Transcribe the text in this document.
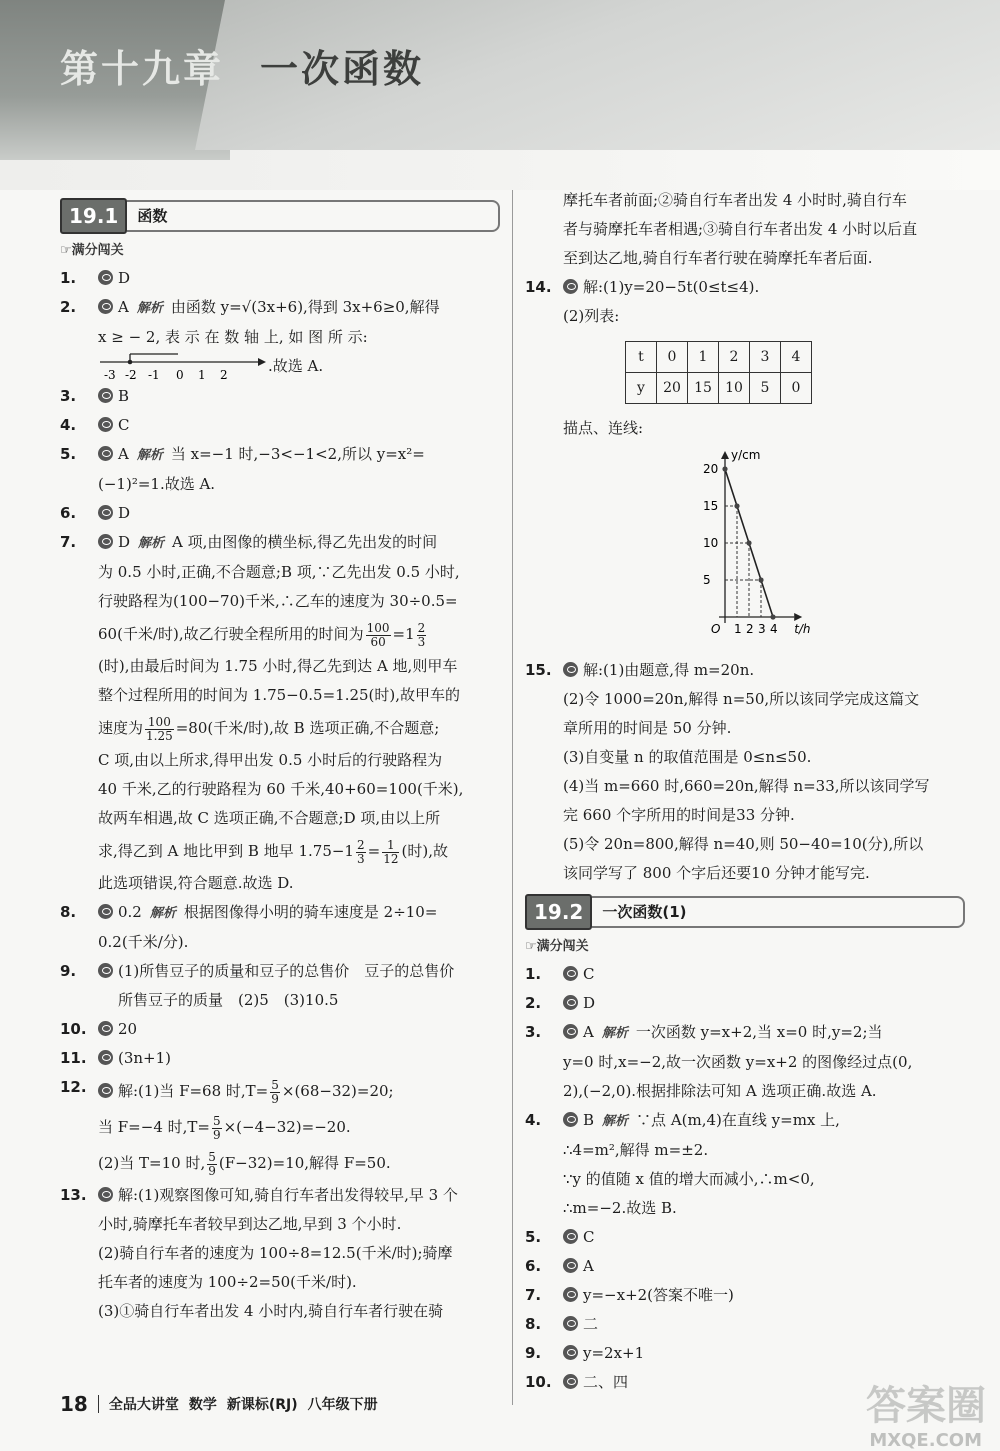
第十九章 一次函数
19.1	函数
☞满分闯关
1.	D
2.	A 解析 由函数 y=√(3x+6),得到 3x+6≥0,解得
x ≥ − 2, 表 示 在 数 轴 上, 如 图 所 示:
-3 -2 -1 0 1 2	.故选 A.
3.	B
4.	C
5.	A 解析 当 x=−1 时,−3<−1<2,所以 y=x²=
(−1)²=1.故选 A.
6.	D
7.	D 解析 A 项,由图像的横坐标,得乙先出发的时间
为 0.5 小时,正确,不合题意;B 项,∵乙先出发 0.5 小时,
行驶路程为(100−70)千米,∴乙车的速度为 30÷0.5=
60(千米/时),故乙行驶全程所用的时间为 $\frac{100}{60} =1 \frac{2}{3}$
(时),由最后时间为 1.75 小时,得乙先到达 A 地,则甲车
整个过程所用的时间为 1.75−0.5=1.25(时),故甲车的
速度为 $\frac{100}{1.25} =80$(千米/时),故 B 选项正确,不合题意;
C 项,由以上所求,得甲出发 0.5 小时后的行驶路程为
40 千米,乙的行驶路程为 60 千米,40+60=100(千米),
故两车相遇,故 C 选项正确,不合题意;D 项,由以上所
求,得乙到 A 地比甲到 B 地早 $1.75-1 \frac{2}{3} = \frac{1}{12}$ (时),故
此选项错误,符合题意.故选 D.
8.	0.2 解析 根据图像得小明的骑车速度是 2÷10=
0.2(千米/分).
9.	(1)所售豆子的质量和豆子的总售价　豆子的总售价
所售豆子的质量　(2)5　(3)10.5
10.	20
11.	(3n+1)
12.	解:(1)当 F=68 时$,T= \frac{5}{9} \times(68-32)=20$;
当 F=−4 时$,T= \frac{5}{9} \times(-4-32)=-20$.
(2)当 T=10 时, $\frac{5}{9} (F-32)=10$,解得 F=50.
13.	解:(1)观察图像可知,骑自行车者出发得较早,早 3 个
小时,骑摩托车者较早到达乙地,早到 3 个小时.
(2)骑自行车者的速度为 100÷8=12.5(千米/时);骑摩
托车者的速度为 100÷2=50(千米/时).
(3)①骑自行车者出发 4 小时内,骑自行车者行驶在骑
摩托车者前面;②骑自行车者出发 4 小时时,骑自行车
者与骑摩托车者相遇;③骑自行车者出发 4 小时以后直
至到达乙地,骑自行车者行驶在骑摩托车者后面.
14.	解:(1)y=20−5t(0≤t≤4).
(2)列表:
t	0	1	2	3	4
y	20	15	10	5	0
描点、连线:
y/cm
t/h
O 1 2 3 4
5
10
15
20
15.	解:(1)由题意,得 m=20n.
(2)令 1000=20n,解得 n=50,所以该同学完成这篇文
章所用的时间是 50 分钟.
(3)自变量 n 的取值范围是 0≤n≤50.
(4)当 m=660 时,660=20n,解得 n=33,所以该同学写
完 660 个字所用的时间是33 分钟.
(5)令 20n=800,解得 n=40,则 50−40=10(分),所以
该同学写了 800 个字后还要10 分钟才能写完.
19.2	一次函数(1)
☞满分闯关
1.	C
2.	D
3.	A 解析 一次函数 y=x+2,当 x=0 时,y=2;当
y=0 时,x=−2,故一次函数 y=x+2 的图像经过点(0,
2),(−2,0).根据排除法可知 A 选项正确.故选 A.
4.	B 解析 ∵点 A(m,4)在直线 y=mx 上,
∴4=m²,解得 m=±2.
∵y 的值随 x 值的增大而减小,∴m<0,
∴m=−2.故选 B.
5.	C
6.	A
7.	y=−x+2(答案不唯一)
8.	二
9.	y=2x+1
10.	二、四
18 全品大讲堂 数学 新课标(RJ) 八年级下册	答案圈
MXQE.COM
